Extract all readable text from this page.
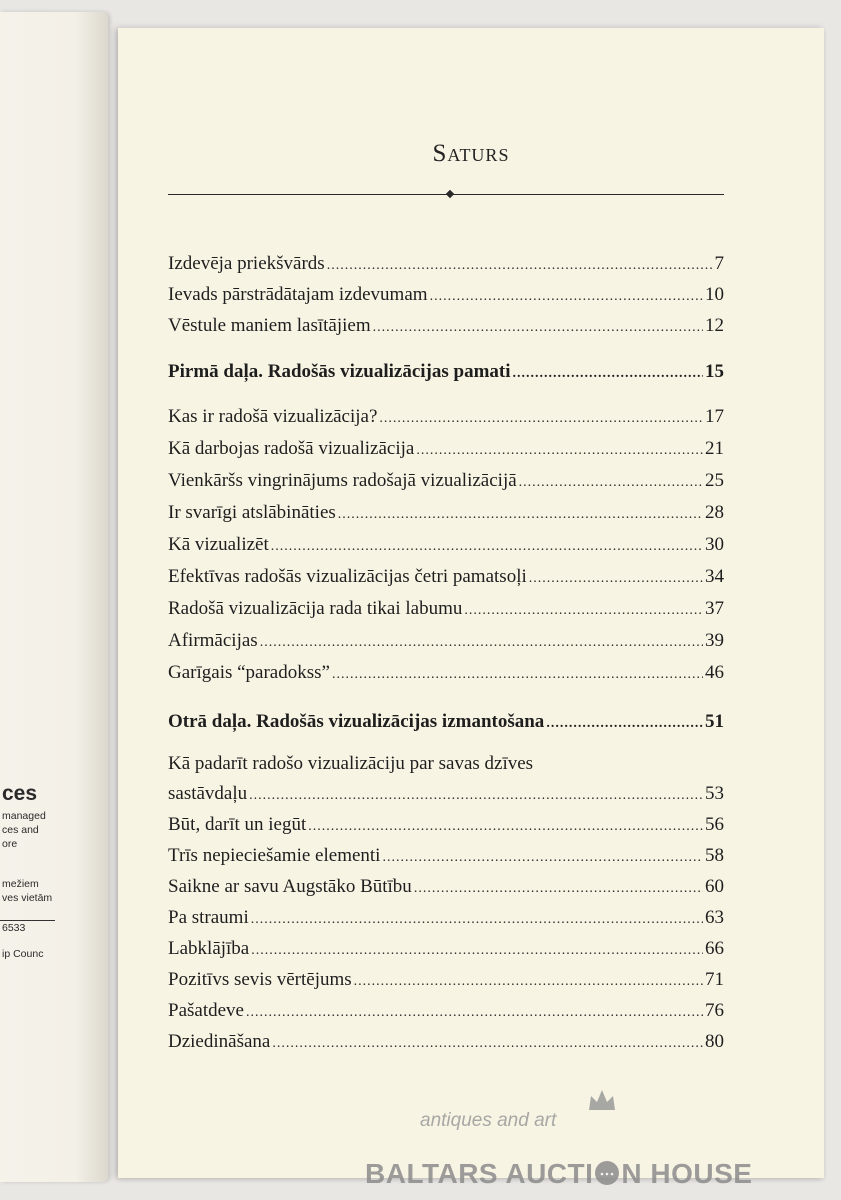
ces
managed
ces and
ore
mežiem
ves vietām
6533
ip Counc
Saturs
Izdevēja priekšvārds .....	7
Ievads pārstrādātajam izdevumam .....	10
Vēstule maniem lasītājiem .....	12
Pirmā daļa. Radošās vizualizācijas pamati .....	15
Kas ir radošā vizualizācija? .....	17
Kā darbojas radošā vizualizācija .....	21
Vienkāršs vingrinājums radošajā vizualizācijā .....	25
Ir svarīgi atslābināties .....	28
Kā vizualizēt .....	30
Efektīvas radošās vizualizācijas četri pamatsoļi .....	34
Radošā vizualizācija rada tikai labumu .....	37
Afirmācijas .....	39
Garīgais “paradokss” .....	46
Otrā daļa. Radošās vizualizācijas izmantošana .....	51
Kā padarīt radošo vizualizāciju par savas dzīves
sastāvdaļu .....	53
Būt, darīt un iegūt .....	56
Trīs nepieciešamie elementi .....	58
Saikne ar savu Augstāko Būtību .....	60
Pa straumi .....	63
Labklājība .....	66
Pozitīvs sevis vērtējums .....	71
Pašatdeve .....	76
Dziedināšana .....	80
antiques and art
BALTARS AUCTI N HOUSE
